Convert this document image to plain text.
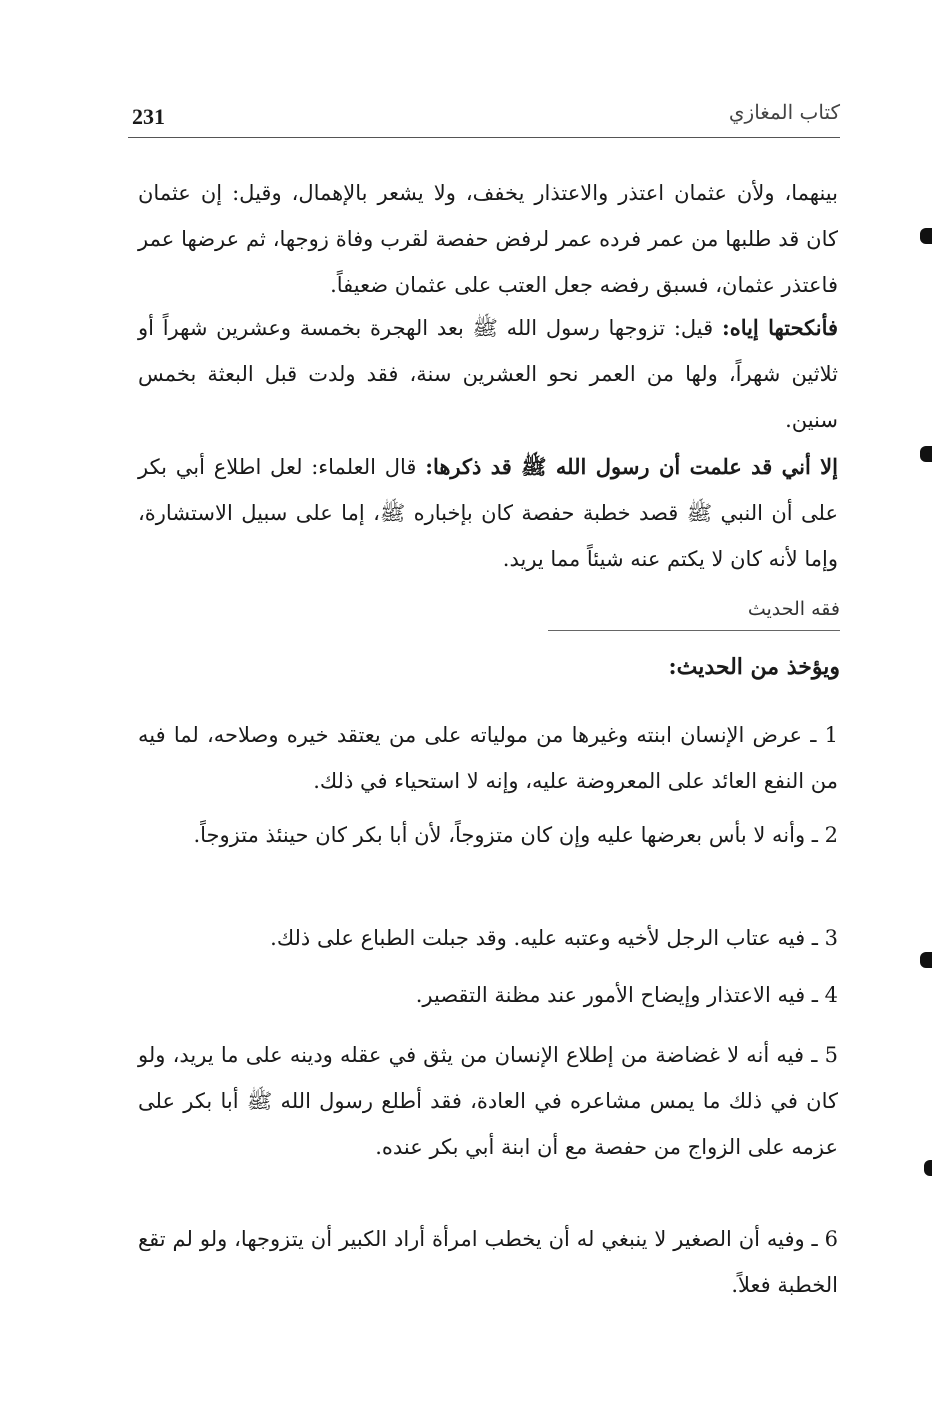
231	كتاب المغازي

بينهما، ولأن عثمان اعتذر والاعتذار يخفف، ولا يشعر بالإهمال، وقيل: إن عثمان كان قد طلبها من عمر فرده عمر لرفض حفصة لقرب وفاة زوجها، ثم عرضها عمر فاعتذر عثمان، فسبق رفضه جعل العتب على عثمان ضعيفاً.

فأنكحتها إياه: قيل: تزوجها رسول الله ﷺ بعد الهجرة بخمسة وعشرين شهراً أو ثلاثين شهراً، ولها من العمر نحو العشرين سنة، فقد ولدت قبل البعثة بخمس سنين.

إلا أني قد علمت أن رسول الله ﷺ قد ذكرها: قال العلماء: لعل اطلاع أبي بكر على أن النبي ﷺ قصد خطبة حفصة كان بإخباره ﷺ، إما على سبيل الاستشارة، وإما لأنه كان لا يكتم عنه شيئاً مما يريد.

فقه الحديث
ويؤخذ من الحديث:

1 ـ عرض الإنسان ابنته وغيرها من مولياته على من يعتقد خيره وصلاحه، لما فيه من النفع العائد على المعروضة عليه، وإنه لا استحياء في ذلك.

2 ـ وأنه لا بأس بعرضها عليه وإن كان متزوجاً، لأن أبا بكر كان حينئذ متزوجاً.

3 ـ فيه عتاب الرجل لأخيه وعتبه عليه. وقد جبلت الطباع على ذلك.

4 ـ فيه الاعتذار وإيضاح الأمور عند مظنة التقصير.

5 ـ فيه أنه لا غضاضة من إطلاع الإنسان من يثق في عقله ودينه على ما يريد، ولو كان في ذلك ما يمس مشاعره في العادة، فقد أطلع رسول الله ﷺ أبا بكر على عزمه على الزواج من حفصة مع أن ابنة أبي بكر عنده.

6 ـ وفيه أن الصغير لا ينبغي له أن يخطب امرأة أراد الكبير أن يتزوجها، ولو لم تقع الخطبة فعلاً.
